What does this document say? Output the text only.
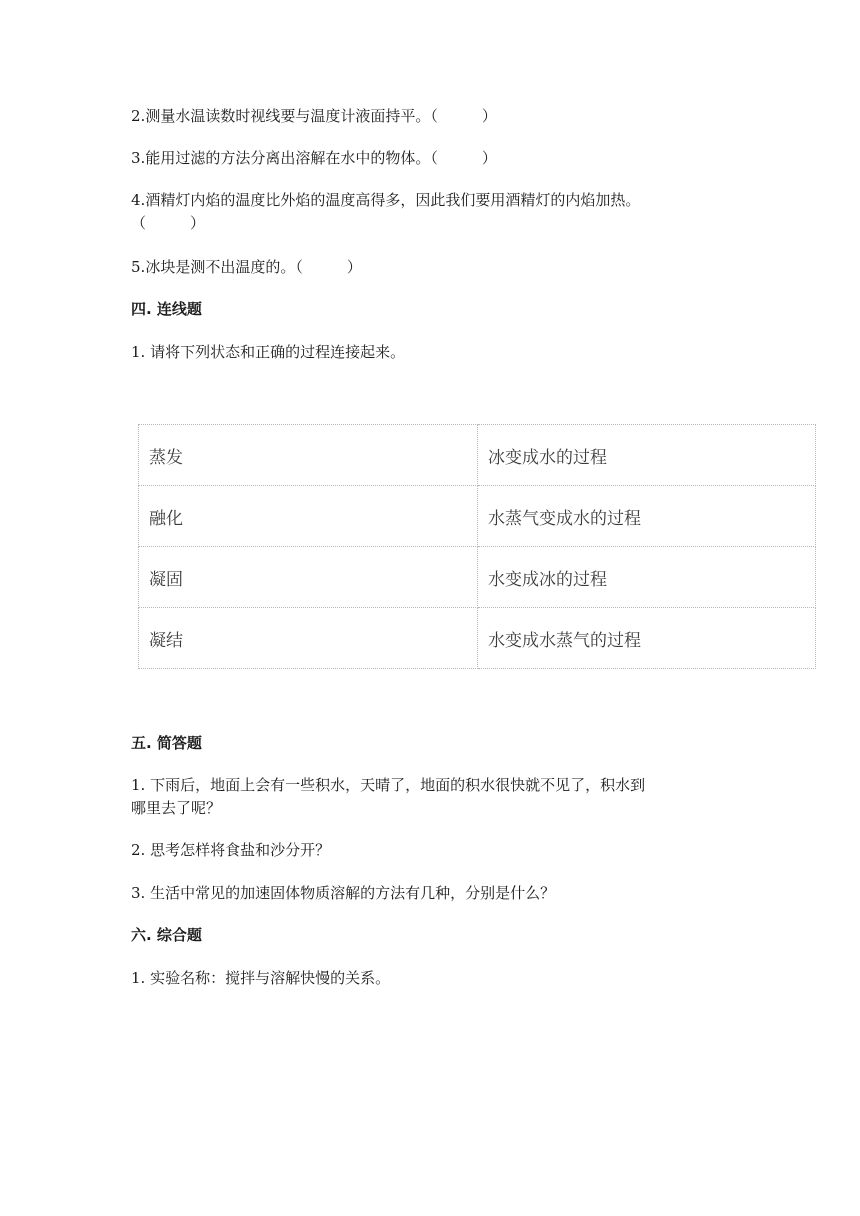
2.测量水温读数时视线要与温度计液面持平。（	）
3.能用过滤的方法分离出溶解在水中的物体。（	）
4.酒精灯内焰的温度比外焰的温度高得多，因此我们要用酒精灯的内焰加热。
（	）
5.冰块是测不出温度的。（	）
四. 连线题
1. 请将下列状态和正确的过程连接起来。
蒸发	冰变成水的过程
融化	水蒸气变成水的过程
凝固	水变成冰的过程
凝结	水变成水蒸气的过程
五. 简答题
1. 下雨后，地面上会有一些积水，天晴了，地面的积水很快就不见了，积水到
哪里去了呢？
2. 思考怎样将食盐和沙分开？
3. 生活中常见的加速固体物质溶解的方法有几种，分别是什么？
六. 综合题
1. 实验名称：搅拌与溶解快慢的关系。
